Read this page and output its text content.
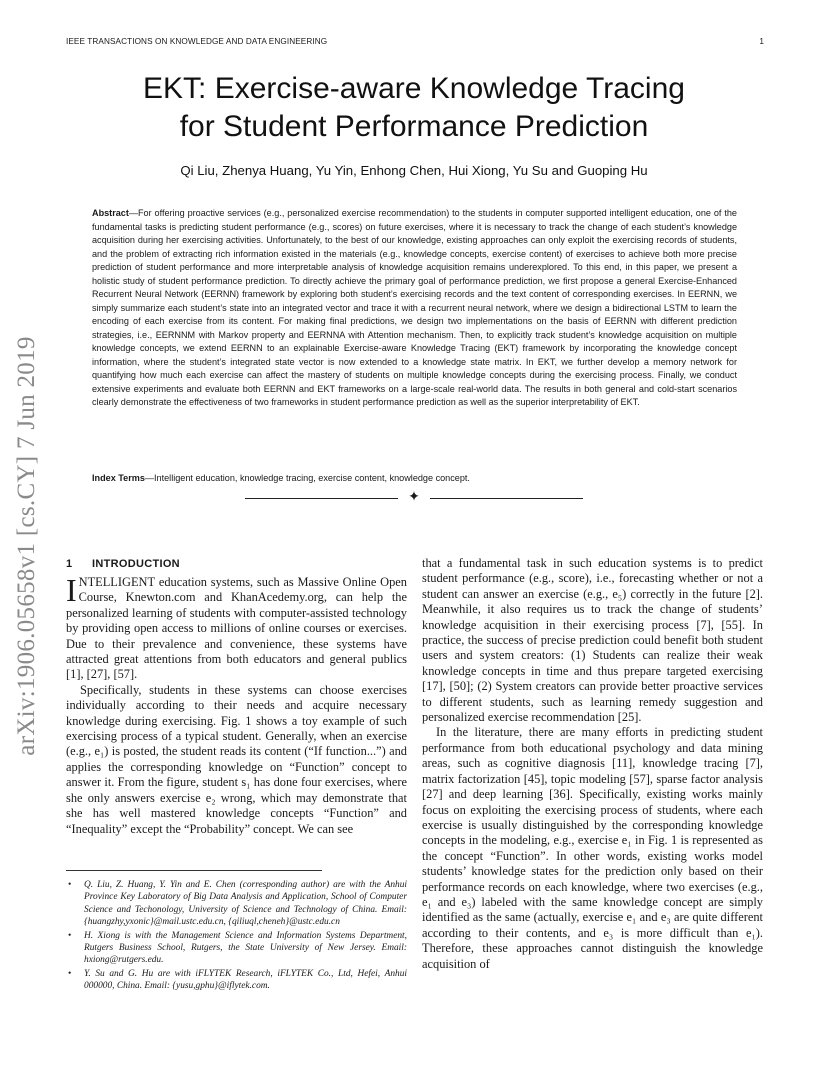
IEEE TRANSACTIONS ON KNOWLEDGE AND DATA ENGINEERING	1
EKT: Exercise-aware Knowledge Tracing
for Student Performance Prediction
Qi Liu, Zhenya Huang, Yu Yin, Enhong Chen, Hui Xiong, Yu Su and Guoping Hu
Abstract—For offering proactive services (e.g., personalized exercise recommendation) to the students in computer supported intelligent education, one of the fundamental tasks is predicting student performance (e.g., scores) on future exercises, where it is necessary to track the change of each student’s knowledge acquisition during her exercising activities. Unfortunately, to the best of our knowledge, existing approaches can only exploit the exercising records of students, and the problem of extracting rich information existed in the materials (e.g., knowledge concepts, exercise content) of exercises to achieve both more precise prediction of student performance and more interpretable analysis of knowledge acquisition remains underexplored. To this end, in this paper, we present a holistic study of student performance prediction. To directly achieve the primary goal of performance prediction, we first propose a general Exercise-Enhanced Recurrent Neural Network (EERNN) framework by exploring both student’s exercising records and the text content of corresponding exercises. In EERNN, we simply summarize each student’s state into an integrated vector and trace it with a recurrent neural network, where we design a bidirectional LSTM to learn the encoding of each exercise from its content. For making final predictions, we design two implementations on the basis of EERNN with different prediction strategies, i.e., EERNNM with Markov property and EERNNA with Attention mechanism. Then, to explicitly track student’s knowledge acquisition on multiple knowledge concepts, we extend EERNN to an explainable Exercise-aware Knowledge Tracing (EKT) framework by incorporating the knowledge concept information, where the student’s integrated state vector is now extended to a knowledge state matrix. In EKT, we further develop a memory network for quantifying how much each exercise can affect the mastery of students on multiple knowledge concepts during the exercising process. Finally, we conduct extensive experiments and evaluate both EERNN and EKT frameworks on a large-scale real-world data. The results in both general and cold-start scenarios clearly demonstrate the effectiveness of two frameworks in student performance prediction as well as the superior interpretability of EKT.
Index Terms—Intelligent education, knowledge tracing, exercise content, knowledge concept.
✦
arXiv:1906.05658v1 [cs.CY] 7 Jun 2019 1 INTRODUCTION

INTELLIGENT education systems, such as Massive Online Open Course, Knewton.com and KhanAcedemy.org, can help the personalized learning of students with computer-assisted technology by providing open access to millions of online courses or exercises. Due to their prevalence and convenience, these systems have attracted great attentions from both educators and general publics [1], [27], [57].

Specifically, students in these systems can choose exercises individually according to their needs and acquire necessary knowledge during exercising. Fig. 1 shows a toy example of such exercising process of a typical student. Generally, when an exercise (e.g., e₁) is posted, the student reads its content (“If function...”) and applies the corresponding knowledge on “Function” concept to answer it. From the figure, student s₁ has done four exercises, where she only answers exercise e₂ wrong, which may demonstrate that she has well mastered knowledge concepts “Function” and “Inequality” except the “Probability” concept. We can see

that a fundamental task in such education systems is to predict student performance (e.g., score), i.e., forecasting whether or not a student can answer an exercise (e.g., e₅) correctly in the future [2]. Meanwhile, it also requires us to track the change of students’ knowledge acquisition in their exercising process [7], [55]. In practice, the success of precise prediction could benefit both student users and system creators: (1) Students can realize their weak knowledge concepts in time and thus prepare targeted exercising [17], [50]; (2) System creators can provide better proactive services to different students, such as learning remedy suggestion and personalized exercise recommendation [25].

In the literature, there are many efforts in predicting student performance from both educational psychology and data mining areas, such as cognitive diagnosis [11], knowledge tracing [7], matrix factorization [45], topic modeling [57], sparse factor analysis [27] and deep learning [36]. Specifically, existing works mainly focus on exploiting the exercising process of students, where each exercise is usually distinguished by the corresponding knowledge concepts in the modeling, e.g., exercise e₁ in Fig. 1 is represented as the concept “Function”. In other words, existing works model students’ knowledge states for the prediction only based on their performance records on each knowledge, where two exercises (e.g., e₁ and e₃) labeled with the same knowledge concept are simply identified as the same (actually, exercise e₁ and e₃ are quite different according to their contents, and e₃ is more difficult than e₁). Therefore, these approaches cannot distinguish the knowledge acquisition of

• Q. Liu, Z. Huang, Y. Yin and E. Chen (corresponding author) are with the Anhui Province Key Laboratory of Big Data Analysis and Application, School of Computer Science and Techonology, University of Science and Technology of China. Email: {huangzhy,yxonic}@mail.ustc.edu.cn, {qiliuql,cheneh}@ustc.edu.cn
• H. Xiong is with the Management Science and Information Systems Department, Rutgers Business School, Rutgers, the State University of New Jersey. Email: hxiong@rutgers.edu.
• Y. Su and G. Hu are with iFLYTEK Research, iFLYTEK Co., Ltd, Hefei, Anhui 000000, China. Email: {yusu,gphu}@iflytek.com.
